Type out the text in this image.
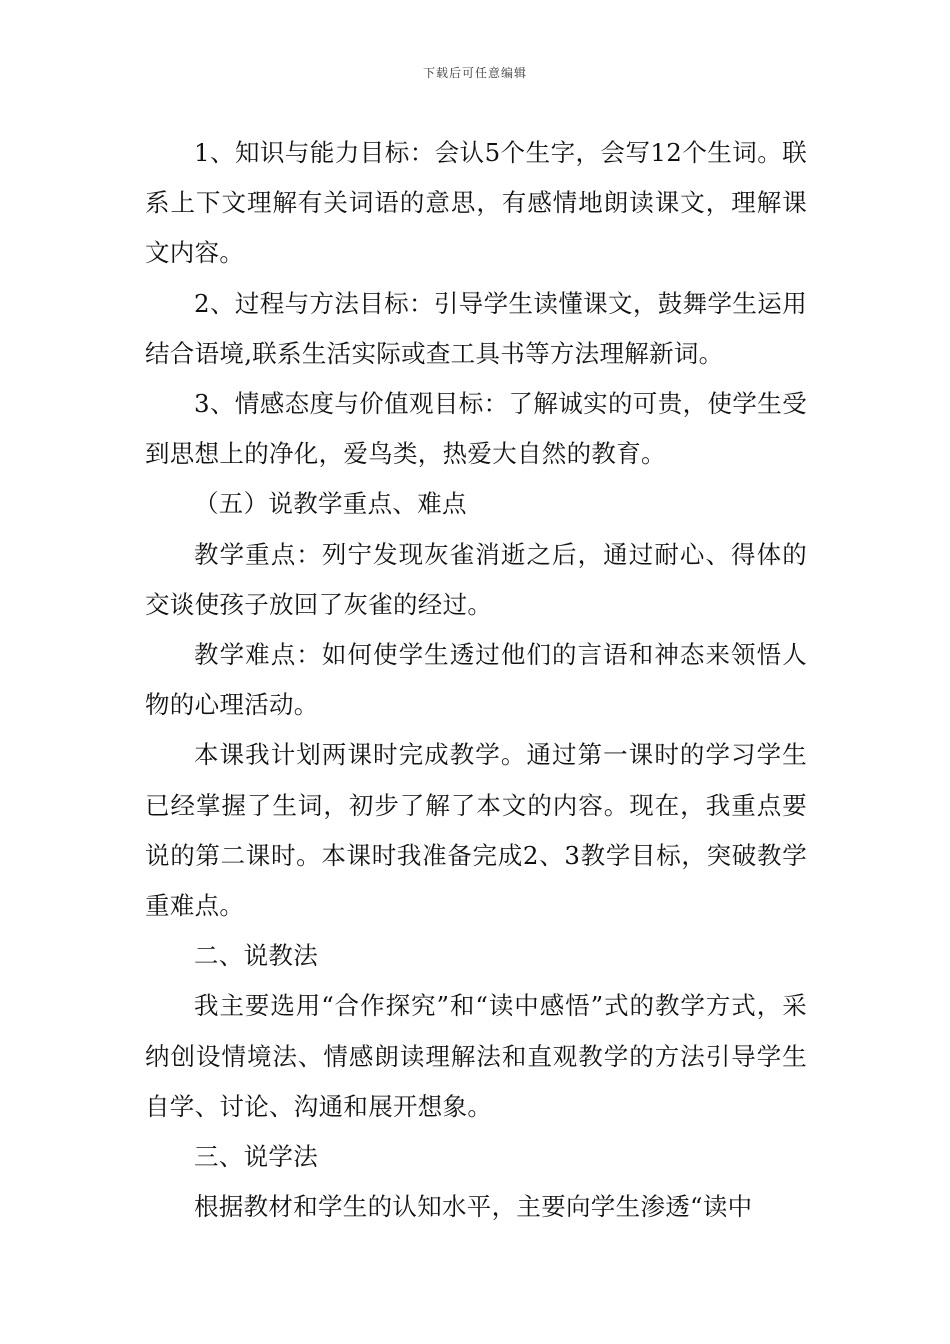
下载后可任意编辑

1、知识与能力目标：会认5个生字，会写12个生词。联系上下文理解有关词语的意思，有感情地朗读课文，理解课文内容。

2、过程与方法目标：引导学生读懂课文，鼓舞学生运用结合语境,联系生活实际或查工具书等方法理解新词。

3、情感态度与价值观目标：了解诚实的可贵，使学生受到思想上的净化，爱鸟类，热爱大自然的教育。

（五）说教学重点、难点

教学重点：列宁发现灰雀消逝之后，通过耐心、得体的交谈使孩子放回了灰雀的经过。

教学难点：如何使学生透过他们的言语和神态来领悟人物的心理活动。

本课我计划两课时完成教学。通过第一课时的学习学生已经掌握了生词，初步了解了本文的内容。现在，我重点要说的第二课时。本课时我准备完成2、3教学目标，突破教学重难点。

二、说教法

我主要选用“合作探究”和“读中感悟”式的教学方式，采纳创设情境法、情感朗读理解法和直观教学的方法引导学生自学、讨论、沟通和展开想象。

三、说学法

根据教材和学生的认知水平，主要向学生渗透“读中
